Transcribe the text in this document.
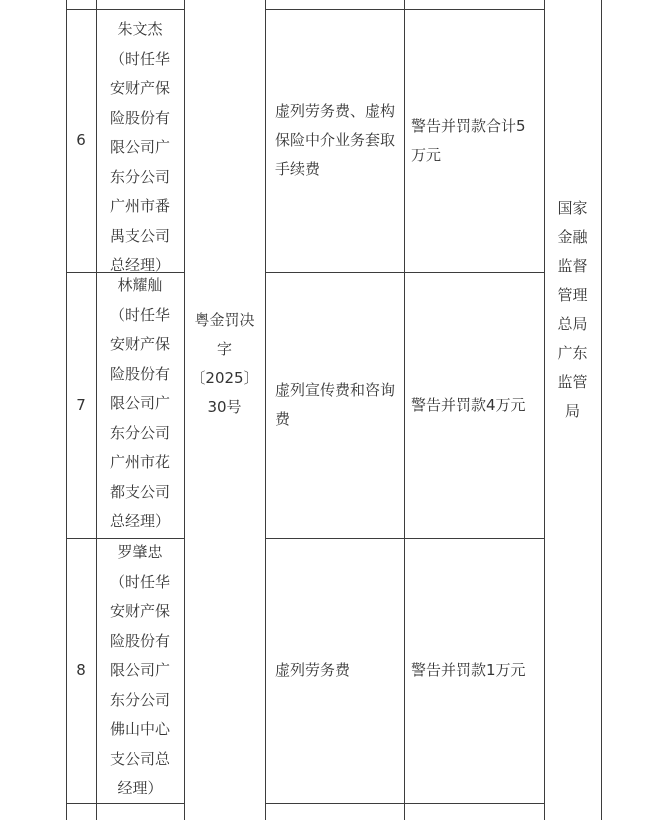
6
朱文杰
（时任华
安财产保
险股份有
限公司广
东分公司
广州市番
禺支公司
总经理）
虚列劳务费、虚构
保险中介业务套取
手续费
警告并罚款合计5
万元
7
林耀舢
（时任华
安财产保
险股份有
限公司广
东分公司
广州市花
都支公司
总经理）
虚列宣传费和咨询
费
警告并罚款4万元
8
罗肇忠
（时任华
安财产保
险股份有
限公司广
东分公司
佛山中心
支公司总
经理）
虚列劳务费	警告并罚款1万元
粤金罚决
字
〔2025〕
30号
国家
金融
监督
管理
总局
广东
监管
局
